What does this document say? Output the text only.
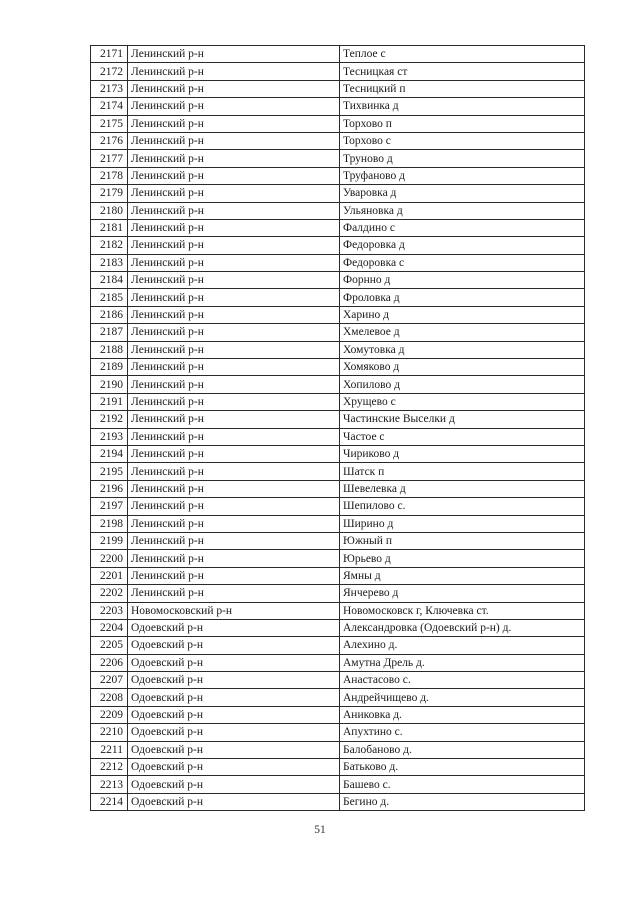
2171	Ленинский р-н	Теплое с
2172	Ленинский р-н	Тесницкая ст
2173	Ленинский р-н	Тесницкий п
2174	Ленинский р-н	Тихвинка д
2175	Ленинский р-н	Торхово п
2176	Ленинский р-н	Торхово с
2177	Ленинский р-н	Труново д
2178	Ленинский р-н	Труфаново д
2179	Ленинский р-н	Уваровка д
2180	Ленинский р-н	Ульяновка д
2181	Ленинский р-н	Фалдино с
2182	Ленинский р-н	Федоровка д
2183	Ленинский р-н	Федоровка с
2184	Ленинский р-н	Форнно д
2185	Ленинский р-н	Фроловка д
2186	Ленинский р-н	Харино д
2187	Ленинский р-н	Хмелевое д
2188	Ленинский р-н	Хомутовка д
2189	Ленинский р-н	Хомяково д
2190	Ленинский р-н	Хопилово д
2191	Ленинский р-н	Хрущево с
2192	Ленинский р-н	Частинские Выселки д
2193	Ленинский р-н	Частое с
2194	Ленинский р-н	Чириково д
2195	Ленинский р-н	Шатск п
2196	Ленинский р-н	Шевелевка д
2197	Ленинский р-н	Шепилово с.
2198	Ленинский р-н	Ширино д
2199	Ленинский р-н	Южный п
2200	Ленинский р-н	Юрьево д
2201	Ленинский р-н	Ямны д
2202	Ленинский р-н	Янчерево д
2203	Новомосковский р-н	Новомосковск г, Ключевка ст.
2204	Одоевский р-н	Александровка (Одоевский р-н) д.
2205	Одоевский р-н	Алехино д.
2206	Одоевский р-н	Амутна Дрель д.
2207	Одоевский р-н	Анастасово с.
2208	Одоевский р-н	Андрейчищево д.
2209	Одоевский р-н	Аниковка д.
2210	Одоевский р-н	Апухтино с.
2211	Одоевский р-н	Балобаново д.
2212	Одоевский р-н	Батьково д.
2213	Одоевский р-н	Башево с.
2214	Одоевский р-н	Бегино д.
51
